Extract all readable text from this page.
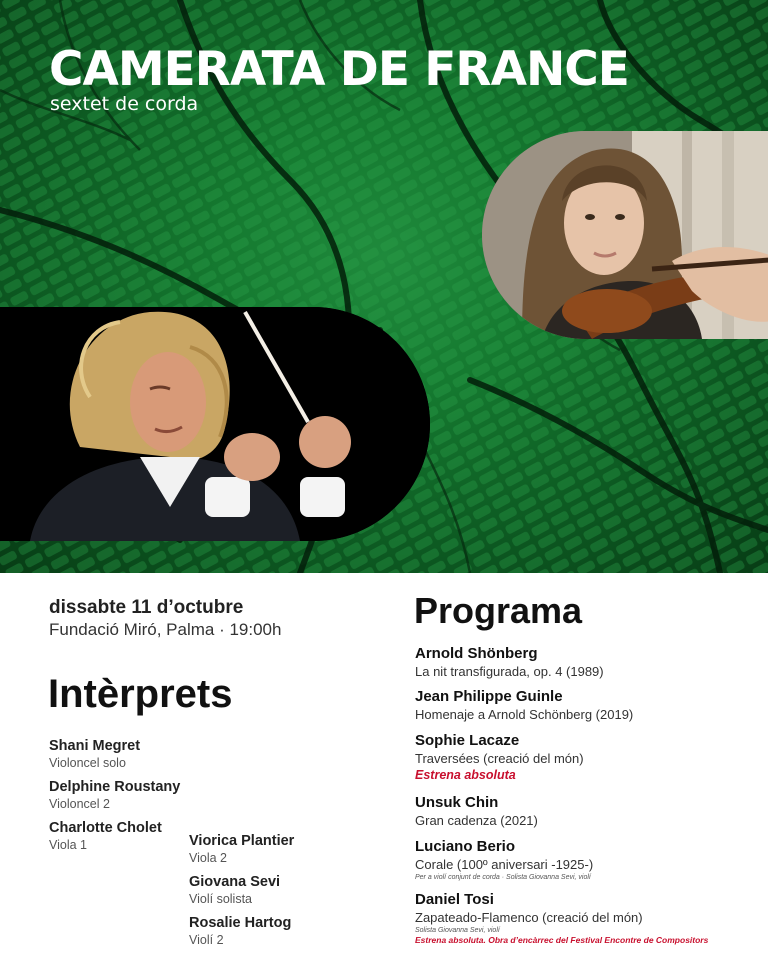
CAMERATA DE FRANCE
sextet de corda
dissabte 11 d’octubre
Fundació Miró, Palma · 19:00h
Intèrprets
Shani Megret
Violoncel solo
Delphine Roustany
Violoncel 2
Charlotte Cholet
Viola 1	Viorica Plantier
Viola 2
Giovana Sevi
Violí solista
Rosalie Hartog
Violí 2
Programa
Arnold Shönberg
La nit transfigurada, op. 4 (1989)
Jean Philippe Guinle
Homenaje a Arnold Schönberg (2019)
Sophie Lacaze
Traversées (creació del món)
Estrena absoluta
Unsuk Chin
Gran cadenza (2021)
Luciano Berio
Corale (100º aniversari -1925-)
Per a violí conjunt de corda · Solista Giovanna Sevi, violí
Daniel Tosi
Zapateado-Flamenco (creació del món)
Solista Giovanna Sevi, violí
Estrena absoluta. Obra d’encàrrec del Festival Encontre de Compositors
